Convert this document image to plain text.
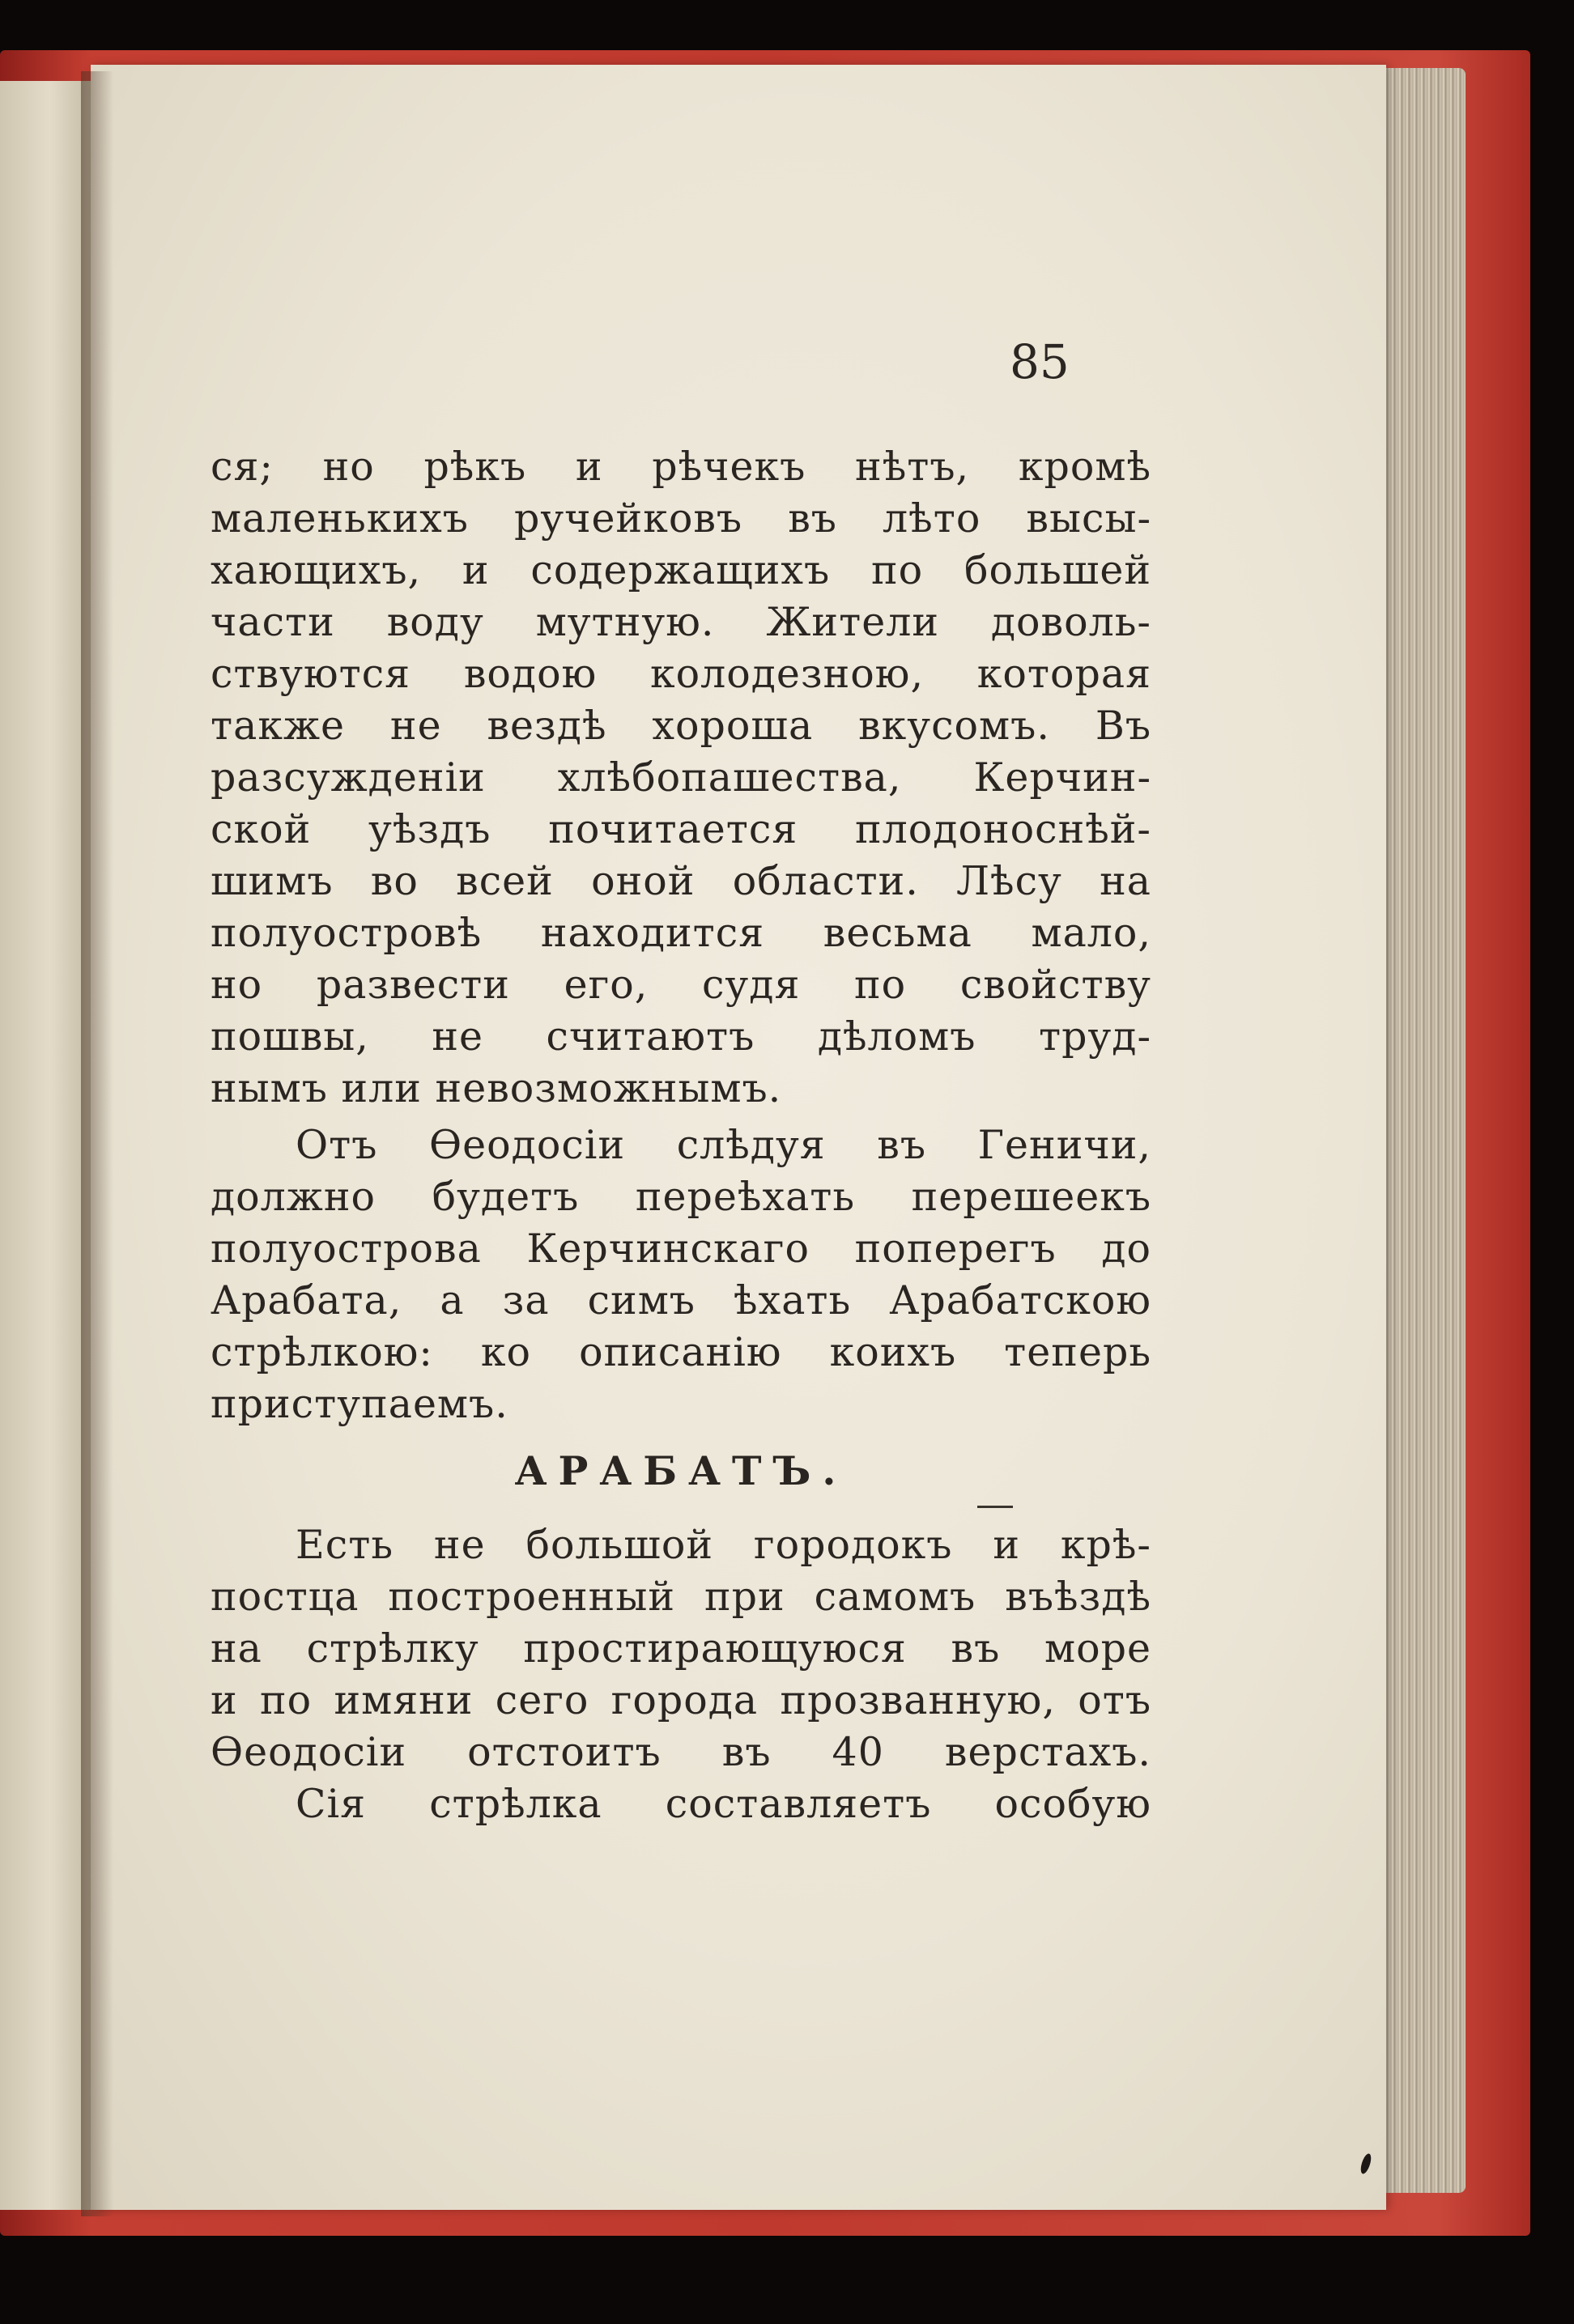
85
ся; но рѣкъ и рѣчекъ нѣтъ, кромѣ
маленькихъ ручейковъ въ лѣто высы-
хающихъ, и содержащихъ по большей
части воду мутную. Жители доволь-
ствуются водою колодезною, которая
также не вездѣ хороша вкусомъ. Въ
разсужденіи хлѣбопашества, Керчин-
ской уѣздъ почитается плодоноснѣй-
шимъ во всей оной области. Лѣсу на
полуостровѣ находится весьма мало,
но развести его, судя по свойству
пошвы, не считаютъ дѣломъ труд-
нымъ или невозможнымъ.
Отъ Ѳеодосіи слѣдуя въ Геничи,
должно будетъ переѣхать перешеекъ
полуострова Керчинскаго поперегъ до
Арабата, а за симъ ѣхать Арабатскою
стрѣлкою: ко описанію коихъ теперь
приступаемъ.
АРАБАТЪ.
Есть не большой городокъ и крѣ-
постца построенный при самомъ въѣздѣ
на стрѣлку простирающуюся въ море
и по имяни сего города прозванную, отъ
Ѳеодосіи отстоитъ въ 40 верстахъ.
Сія стрѣлка составляетъ особую
